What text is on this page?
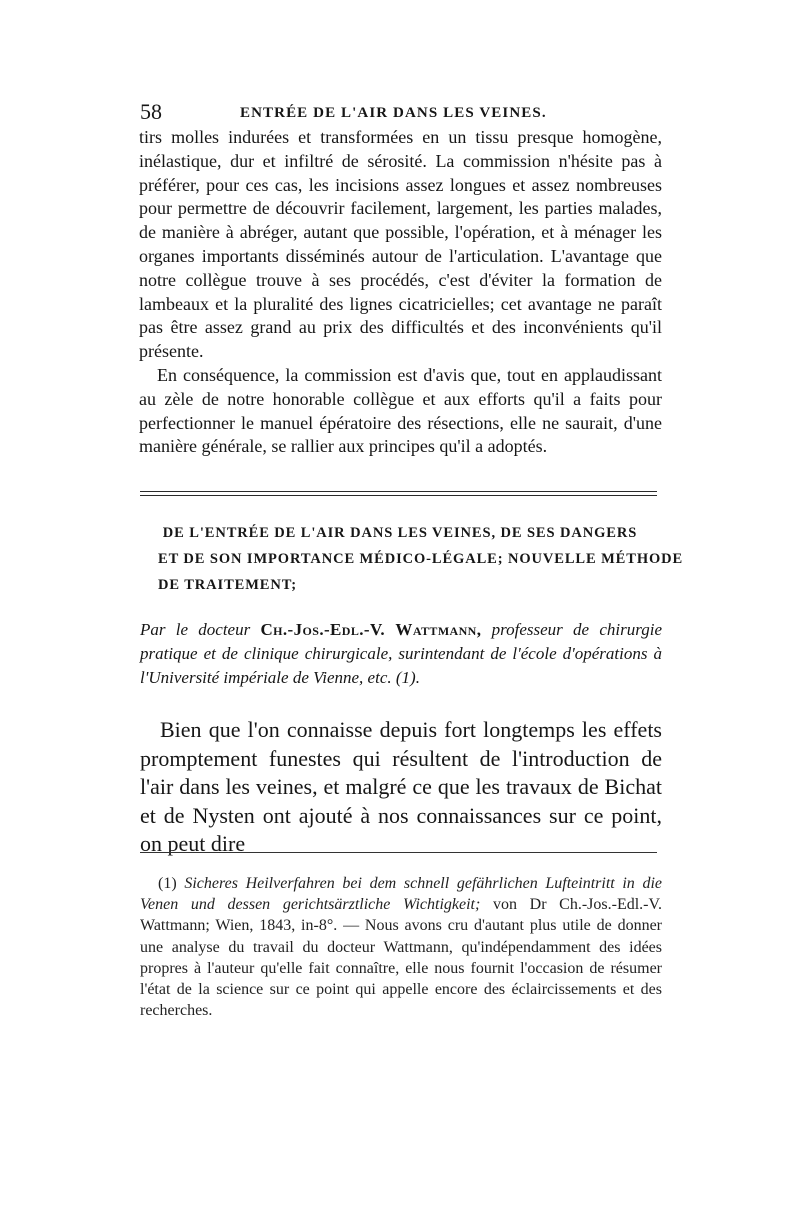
58	ENTRÉE DE L'AIR DANS LES VEINES.

tirs molles indurées et transformées en un tissu presque homogène, inélastique, dur et infiltré de sérosité. La commission n'hésite pas à préférer, pour ces cas, les incisions assez longues et assez nombreuses pour permettre de découvrir facilement, largement, les parties malades, de manière à abréger, autant que possible, l'opération, et à ménager les organes importants disséminés autour de l'articulation. L'avantage que notre collègue trouve à ses procédés, c'est d'éviter la formation de lambeaux et la pluralité des lignes cicatricielles; cet avantage ne paraît pas être assez grand au prix des difficultés et des inconvénients qu'il présente.

En conséquence, la commission est d'avis que, tout en applaudissant au zèle de notre honorable collègue et aux efforts qu'il a faits pour perfectionner le manuel épératoire des résections, elle ne saurait, d'une manière générale, se rallier aux principes qu'il a adoptés.

DE L'ENTRÉE DE L'AIR DANS LES VEINES, DE SES DANGERS
ET DE SON IMPORTANCE MÉDICO-LÉGALE; NOUVELLE MÉTHODE
DE TRAITEMENT;
Par le docteur Ch.-Jos.-Edl.-V. Wattmann, professeur de chirurgie pratique et de clinique chirurgicale, surintendant de l'école d'opérations à l'Université impériale de Vienne, etc. (1).

Bien que l'on connaisse depuis fort longtemps les effets promptement funestes qui résultent de l'introduction de l'air dans les veines, et malgré ce que les travaux de Bichat et de Nysten ont ajouté à nos connaissances sur ce point, on peut dire

(1) Sicheres Heilverfahren bei dem schnell gefährlichen Lufteintritt in die Venen und dessen gerichtsärztliche Wichtigkeit; von Dr Ch.-Jos.-Edl.-V. Wattmann; Wien, 1843, in-8°. — Nous avons cru d'autant plus utile de donner une analyse du travail du docteur Wattmann, qu'indépendamment des idées propres à l'auteur qu'elle fait connaître, elle nous fournit l'occasion de résumer l'état de la science sur ce point qui appelle encore des éclaircissements et des recherches.
